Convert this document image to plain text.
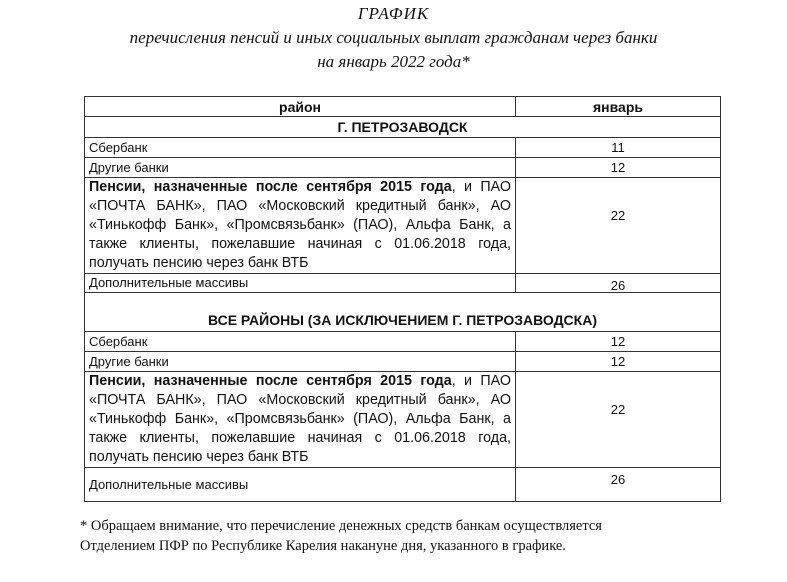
ГРАФИК
перечисления пенсий и иных социальных выплат гражданам через банки
на январь 2022 года*
район	январь
Г. ПЕТРОЗАВОДСК	
Сбербанк	11
Другие банки	12
Пенсии, назначенные после сентября 2015 года, и ПАО «ПОЧТА БАНК», ПАО «Московский кредитный банк», АО «Тинькофф Банк», «Промсвязьбанк» (ПАО), Альфа Банк, а также клиенты, пожелавшие начиная с 01.06.2018 года, получать пенсию через банк ВТБ	22
Дополнительные массивы	26
ВСЕ РАЙОНЫ (ЗА ИСКЛЮЧЕНИЕМ Г. ПЕТРОЗАВОДСКА)	
Сбербанк	12
Другие банки	12
Пенсии, назначенные после сентября 2015 года, и ПАО «ПОЧТА БАНК», ПАО «Московский кредитный банк», АО «Тинькофф Банк», «Промсвязьбанк» (ПАО), Альфа Банк, а также клиенты, пожелавшие начиная с 01.06.2018 года, получать пенсию через банк ВТБ	22
Дополнительные массивы	26
* Обращаем внимание, что перечисление денежных средств банкам осуществляется
Отделением ПФР по Республике Карелия накануне дня, указанного в графике.
